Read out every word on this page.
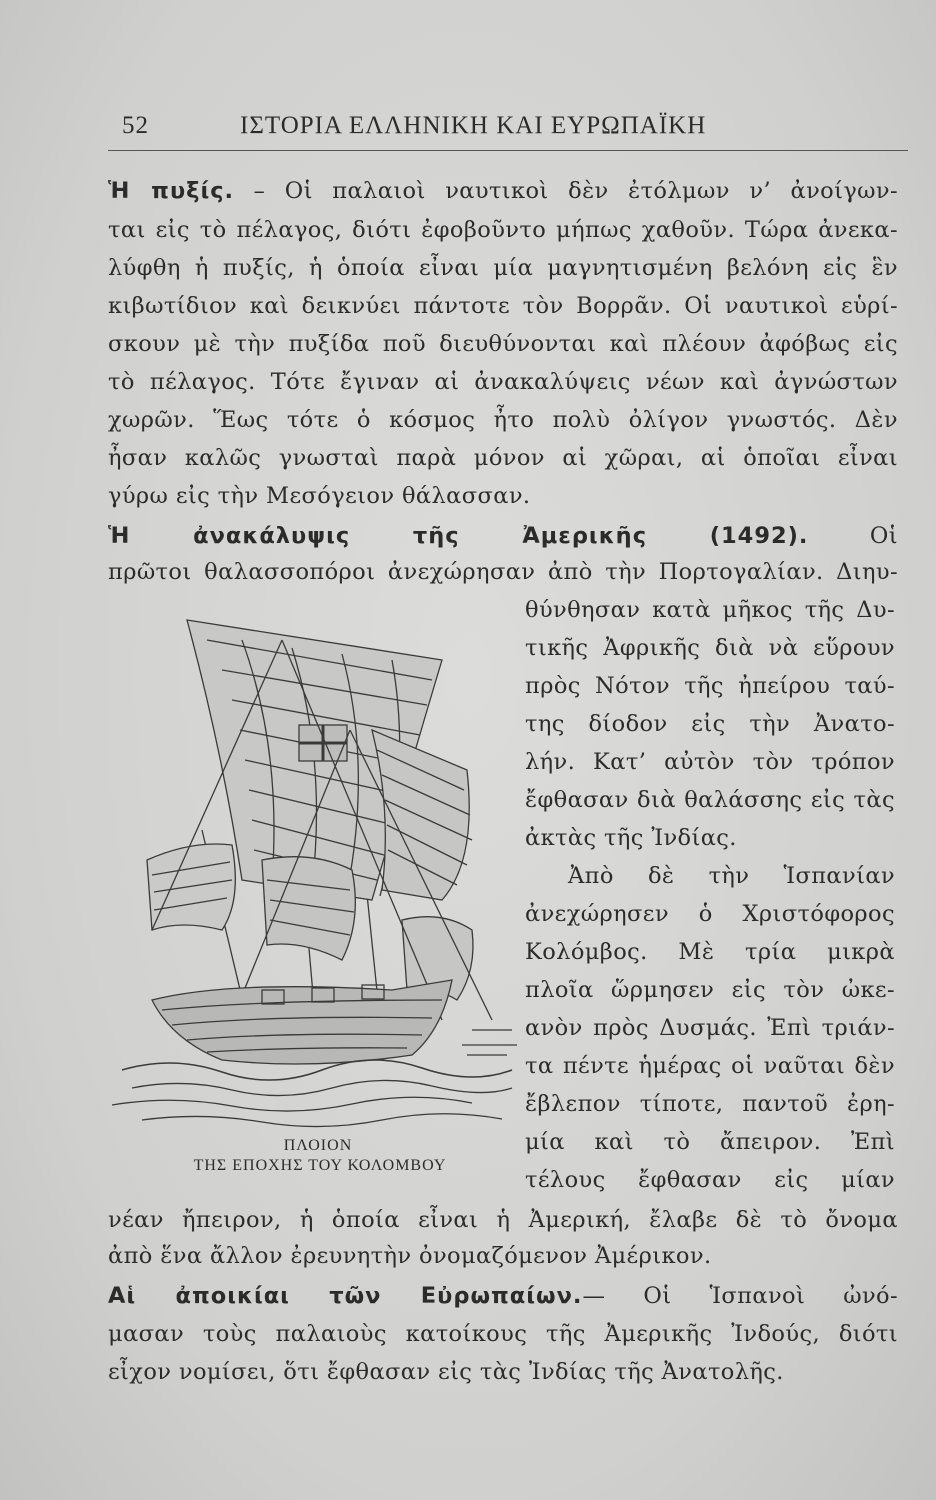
52	ΙΣΤΟΡΙΑ ΕΛΛΗΝΙΚΗ ΚΑΙ ΕΥΡΩΠΑΪΚΗ
Ἡ πυξίς. – Οἱ παλαιοὶ ναυτικοὶ δὲν ἐτόλμων ν’ ἀνοίγων-
ται εἰς τὸ πέλαγος, διότι ἐφοβοῦντο μήπως χαθοῦν. Τώρα ἀνεκα-
λύφθη ἡ πυξίς, ἡ ὁποία εἶναι μία μαγνητισμένη βελόνη εἰς ἓν
κιβωτίδιον καὶ δεικνύει πάντοτε τὸν Βορρᾶν. Οἱ ναυτικοὶ εὑρί-
σκουν μὲ τὴν πυξίδα ποῦ διευθύνονται καὶ πλέουν ἀφόβως εἰς
τὸ πέλαγος. Τότε ἔγιναν αἱ ἀνακαλύψεις νέων καὶ ἀγνώστων
χωρῶν. Ἕως τότε ὁ κόσμος ἦτο πολὺ ὀλίγον γνωστός. Δὲν
ἦσαν καλῶς γνωσταὶ παρὰ μόνον αἱ χῶραι, αἱ ὁποῖαι εἶναι
γύρω εἰς τὴν Μεσόγειον θάλασσαν.
Ἡ ἀνακάλυψις τῆς Ἀμερικῆς (1492).	Οἱ
πρῶτοι θαλασσοπόροι ἀνεχώρησαν ἀπὸ τὴν Πορτογαλίαν. Διηυ-
θύνθησαν κατὰ μῆκος τῆς Δυ-
τικῆς Ἀφρικῆς διὰ νὰ εὕρουν
πρὸς Νότον τῆς ἠπείρου ταύ-
της δίοδον εἰς τὴν Ἀνατο-
λήν. Κατ’ αὐτὸν τὸν τρόπον
ἔφθασαν διὰ θαλάσσης εἰς τὰς
ἀκτὰς τῆς Ἰνδίας.
Ἀπὸ δὲ τὴν Ἱσπανίαν
ἀνεχώρησεν ὁ Χριστόφορος
Κολόμβος. Μὲ τρία μικρὰ
πλοῖα ὥρμησεν εἰς τὸν ὠκε-
ανὸν πρὸς Δυσμάς. Ἐπὶ τριάν-
τα πέντε ἡμέρας οἱ ναῦται δὲν
ἔβλεπον τίποτε, παντοῦ ἐρη-
μία καὶ τὸ ἄπειρον. Ἐπὶ
τέλους ἔφθασαν εἰς μίαν
ΠΛΟΙΟΝ
ΤΗΣ ΕΠΟΧΗΣ ΤΟΥ ΚΟΛΟΜΒΟΥ
νέαν ἤπειρον, ἡ ὁποία εἶναι ἡ Ἀμερική, ἔλαβε δὲ τὸ ὄνομα
ἀπὸ ἕνα ἄλλον ἐρευνητὴν ὀνομαζόμενον Ἀμέρικον.
Αἱ ἀποικίαι τῶν Εὐρωπαίων.— Οἱ Ἱσπανοὶ ὠνό-
μασαν τοὺς παλαιοὺς κατοίκους τῆς Ἀμερικῆς Ἰνδούς, διότι
εἶχον νομίσει, ὅτι ἔφθασαν εἰς τὰς Ἰνδίας τῆς Ἀνατολῆς.
